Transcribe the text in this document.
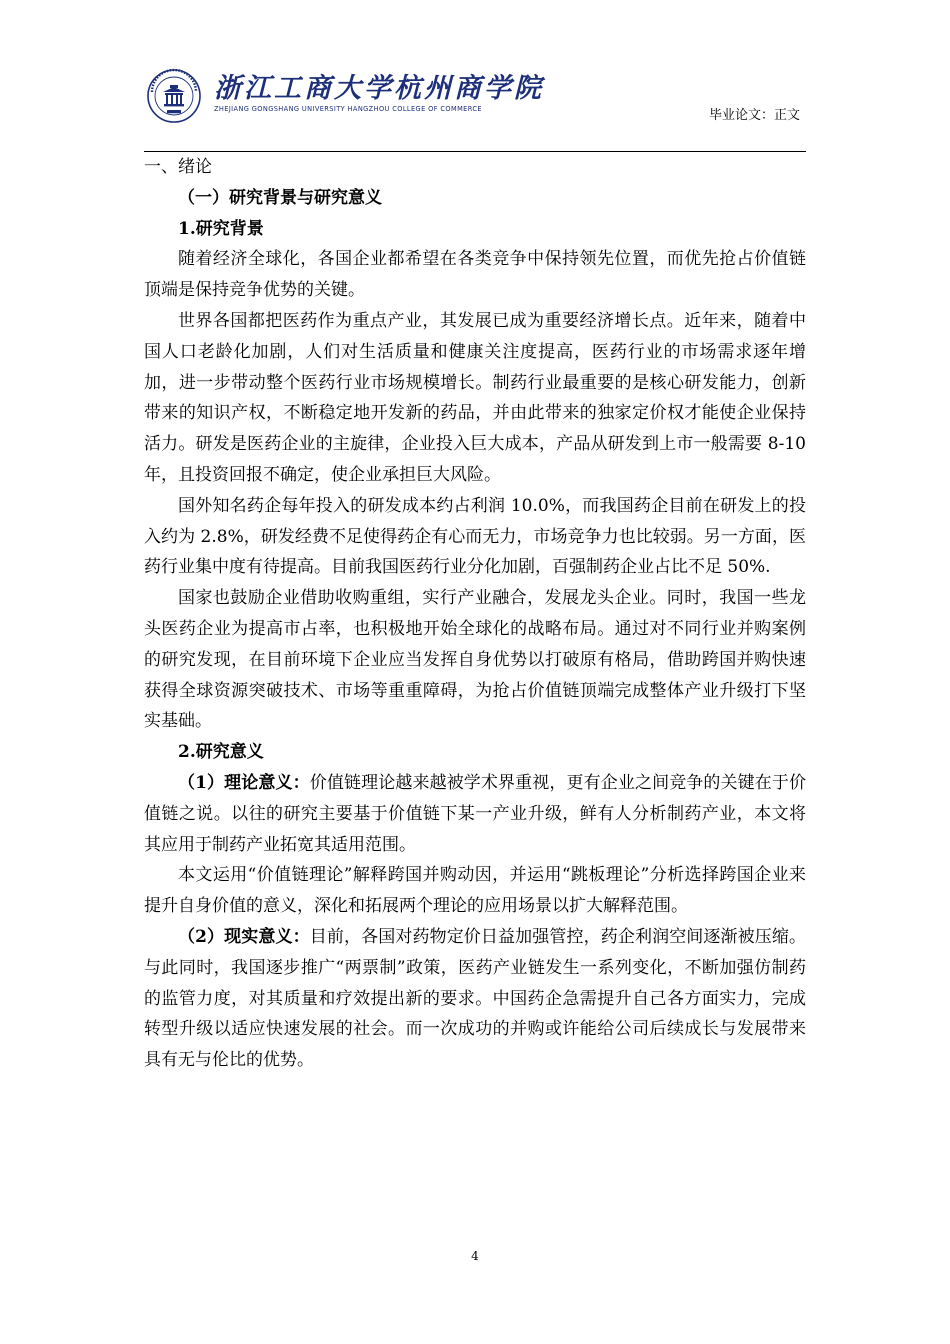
浙江工商大学杭州商学院
ZHEJIANG GONGSHANG UNIVERSITY HANGZHOU COLLEGE OF COMMERCE	毕业论文：正文

一、绪论

（一）研究背景与研究意义

1.研究背景

随着经济全球化，各国企业都希望在各类竞争中保持领先位置，而优先抢占价值链顶端是保持竞争优势的关键。

世界各国都把医药作为重点产业，其发展已成为重要经济增长点。近年来，随着中国人口老龄化加剧，人们对生活质量和健康关注度提高，医药行业的市场需求逐年增加，进一步带动整个医药行业市场规模增长。制药行业最重要的是核心研发能力，创新带来的知识产权，不断稳定地开发新的药品，并由此带来的独家定价权才能使企业保持活力。研发是医药企业的主旋律，企业投入巨大成本，产品从研发到上市一般需要 8-10 年，且投资回报不确定，使企业承担巨大风险。

国外知名药企每年投入的研发成本约占利润 10.0%，而我国药企目前在研发上的投入约为 2.8%，研发经费不足使得药企有心而无力，市场竞争力也比较弱。另一方面，医药行业集中度有待提高。目前我国医药行业分化加剧，百强制药企业占比不足 50%.

国家也鼓励企业借助收购重组，实行产业融合，发展龙头企业。同时，我国一些龙头医药企业为提高市占率，也积极地开始全球化的战略布局。通过对不同行业并购案例的研究发现，在目前环境下企业应当发挥自身优势以打破原有格局，借助跨国并购快速获得全球资源突破技术、市场等重重障碍，为抢占价值链顶端完成整体产业升级打下坚实基础。

2.研究意义

（1）理论意义：价值链理论越来越被学术界重视，更有企业之间竞争的关键在于价值链之说。以往的研究主要基于价值链下某一产业升级，鲜有人分析制药产业，本文将其应用于制药产业拓宽其适用范围。

本文运用“价值链理论”解释跨国并购动因，并运用“跳板理论”分析选择跨国企业来提升自身价值的意义，深化和拓展两个理论的应用场景以扩大解释范围。

（2）现实意义：目前，各国对药物定价日益加强管控，药企利润空间逐渐被压缩。与此同时，我国逐步推广“两票制”政策，医药产业链发生一系列变化，不断加强仿制药的监管力度，对其质量和疗效提出新的要求。中国药企急需提升自己各方面实力，完成转型升级以适应快速发展的社会。而一次成功的并购或许能给公司后续成长与发展带来具有无与伦比的优势。

4
